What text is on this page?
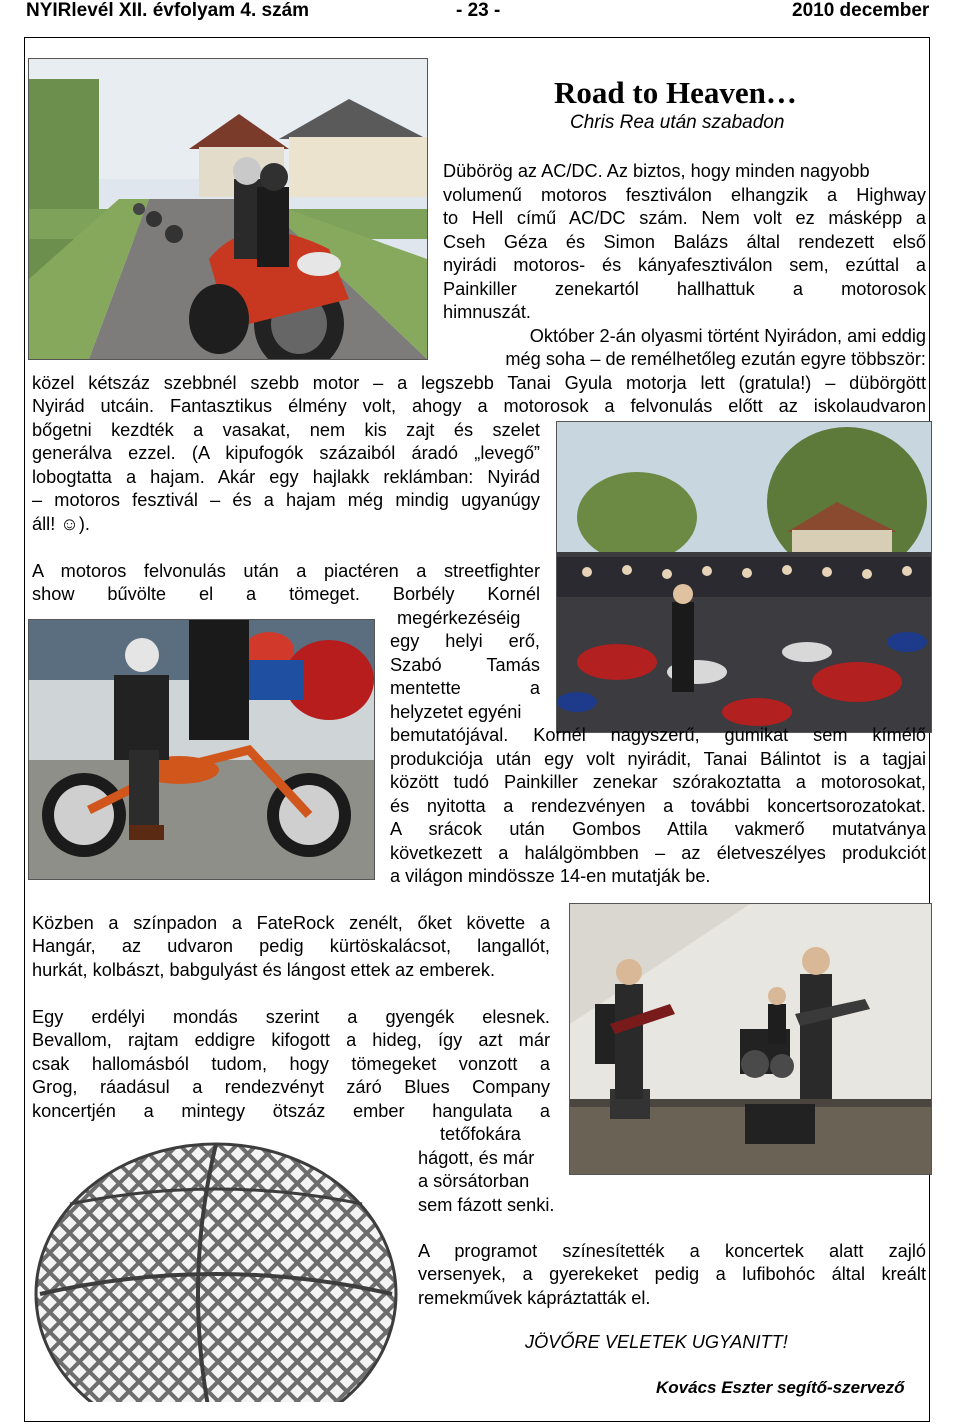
NYIRlevél XII. évfolyam 4. szám	- 23 -	2010 december
Road to Heaven…
Chris Rea után szabadon
Dübörög az AC/DC. Az biztos, hogy minden nagyobb
volumenű motoros fesztiválon elhangzik a Highway
to Hell című AC/DC szám. Nem volt ez másképp a
Cseh Géza és Simon Balázs által rendezett első
nyirádi motoros- és kányafesztiválon sem, ezúttal a
Painkiller zenekartól hallhattuk a motorosok
himnuszát.
Október 2-án olyasmi történt Nyirádon, ami eddig
még soha – de remélhetőleg ezután egyre többször:
közel kétszáz szebbnél szebb motor – a legszebb Tanai Gyula motorja lett (gratula!) – dübörgött
Nyirád utcáin. Fantasztikus élmény volt, ahogy a motorosok a felvonulás előtt az iskolaudvaron
bőgetni kezdték a vasakat, nem kis zajt és szelet
generálva ezzel. (A kipufogók százaiból áradó „levegő”
lobogtatta a hajam. Akár egy hajlakk reklámban: Nyirád
– motoros fesztivál – és a hajam még mindig ugyanúgy
áll! ☺).
A motoros felvonulás után a piactéren a streetfighter
show bűvölte el a tömeget. Borbély Kornél
megérkezéséig
egy helyi erő,
Szabó Tamás
mentette a
helyzetet egyéni
bemutatójával. Kornél nagyszerű, gumikat sem kímélő
produkciója után egy volt nyirádit, Tanai Bálintot is a tagjai
között tudó Painkiller zenekar szórakoztatta a motorosokat,
és nyitotta a rendezvényen a további koncertsorozatokat.
A srácok után Gombos Attila vakmerő mutatványa
következett a halálgömbben – az életveszélyes produkciót
a világon mindössze 14-en mutatják be.
Közben a színpadon a FateRock zenélt, őket követte a
Hangár, az udvaron pedig kürtöskalácsot, langallót,
hurkát, kolbászt, babgulyást és lángost ettek az emberek.
Egy erdélyi mondás szerint a gyengék elesnek.
Bevallom, rajtam eddigre kifogott a hideg, így azt már
csak hallomásból tudom, hogy tömegeket vonzott a
Grog, ráadásul a rendezvényt záró Blues Company
koncertjén a mintegy ötszáz ember hangulata a
tetőfokára
hágott, és már
a sörsátorban
sem fázott senki.
A programot színesítették a koncertek alatt zajló
versenyek, a gyerekeket pedig a lufibohóc által kreált
remekművek kápráztatták el.
JÖVŐRE VELETEK UGYANITT!
Kovács Eszter segítő-szervező
